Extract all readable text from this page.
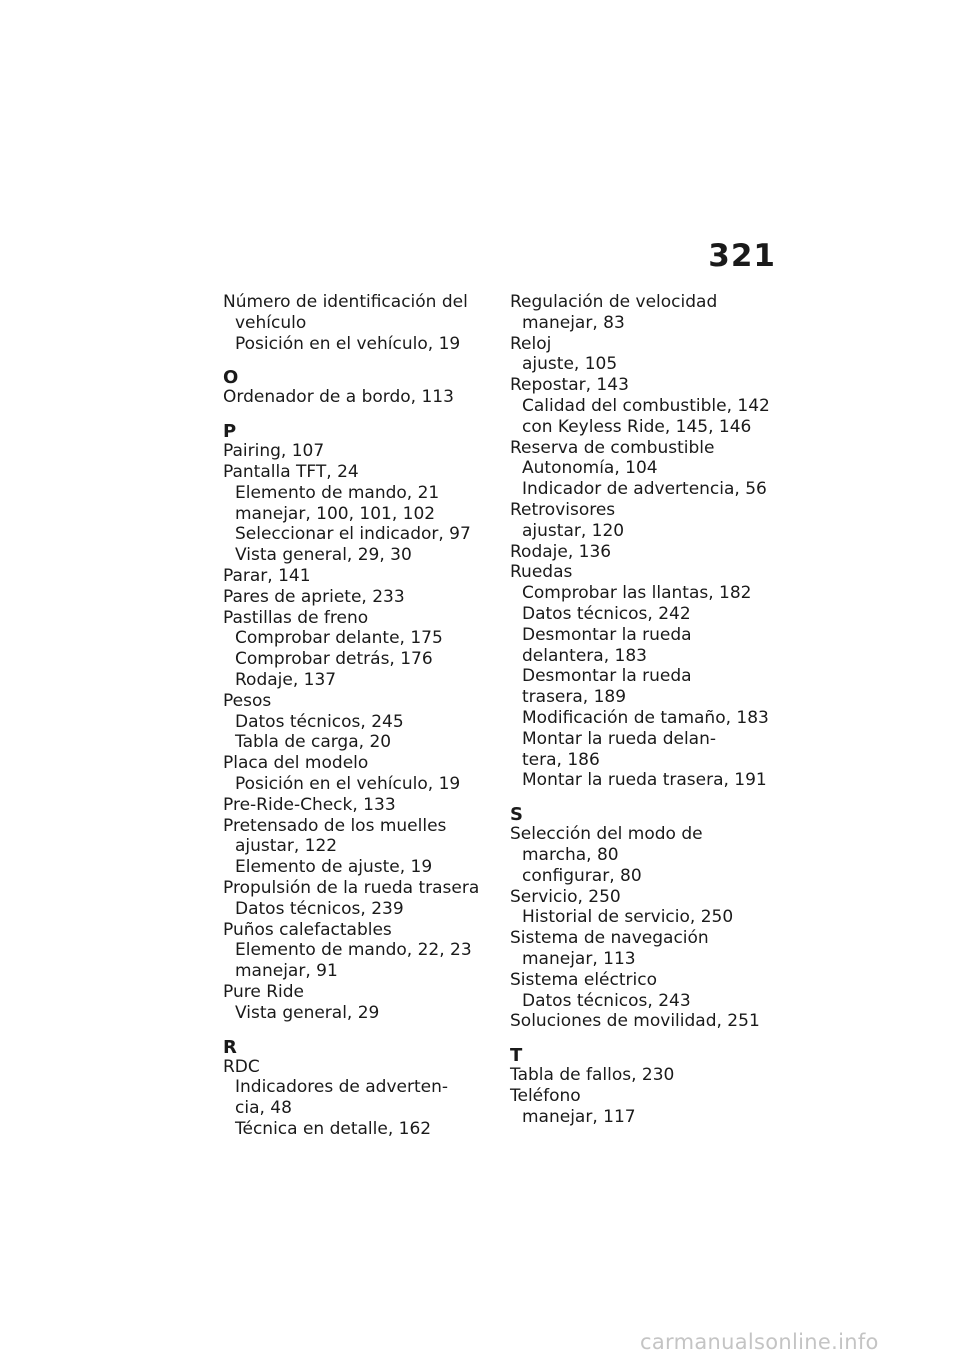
321
Número de identificación del
vehículo
Posición en el vehículo, 19
O
Ordenador de a bordo, 113
P
Pairing, 107
Pantalla TFT, 24
Elemento de mando, 21
manejar, 100, 101, 102
Seleccionar el indicador, 97
Vista general, 29, 30
Parar, 141
Pares de apriete, 233
Pastillas de freno
Comprobar delante, 175
Comprobar detrás, 176
Rodaje, 137
Pesos
Datos técnicos, 245
Tabla de carga, 20
Placa del modelo
Posición en el vehículo, 19
Pre-Ride-Check, 133
Pretensado de los muelles
ajustar, 122
Elemento de ajuste, 19
Propulsión de la rueda trasera
Datos técnicos, 239
Puños calefactables
Elemento de mando, 22, 23
manejar, 91
Pure Ride
Vista general, 29
R
RDC
Indicadores de adverten-
cia, 48
Técnica en detalle, 162
Regulación de velocidad
manejar, 83
Reloj
ajuste, 105
Repostar, 143
Calidad del combustible, 142
con Keyless Ride, 145, 146
Reserva de combustible
Autonomía, 104
Indicador de advertencia, 56
Retrovisores
ajustar, 120
Rodaje, 136
Ruedas
Comprobar las llantas, 182
Datos técnicos, 242
Desmontar la rueda
delantera, 183
Desmontar la rueda
trasera, 189
Modificación de tamaño, 183
Montar la rueda delan-
tera, 186
Montar la rueda trasera, 191
S
Selección del modo de
marcha, 80
configurar, 80
Servicio, 250
Historial de servicio, 250
Sistema de navegación
manejar, 113
Sistema eléctrico
Datos técnicos, 243
Soluciones de movilidad, 251
T
Tabla de fallos, 230
Teléfono
manejar, 117
carmanualsonline.info
